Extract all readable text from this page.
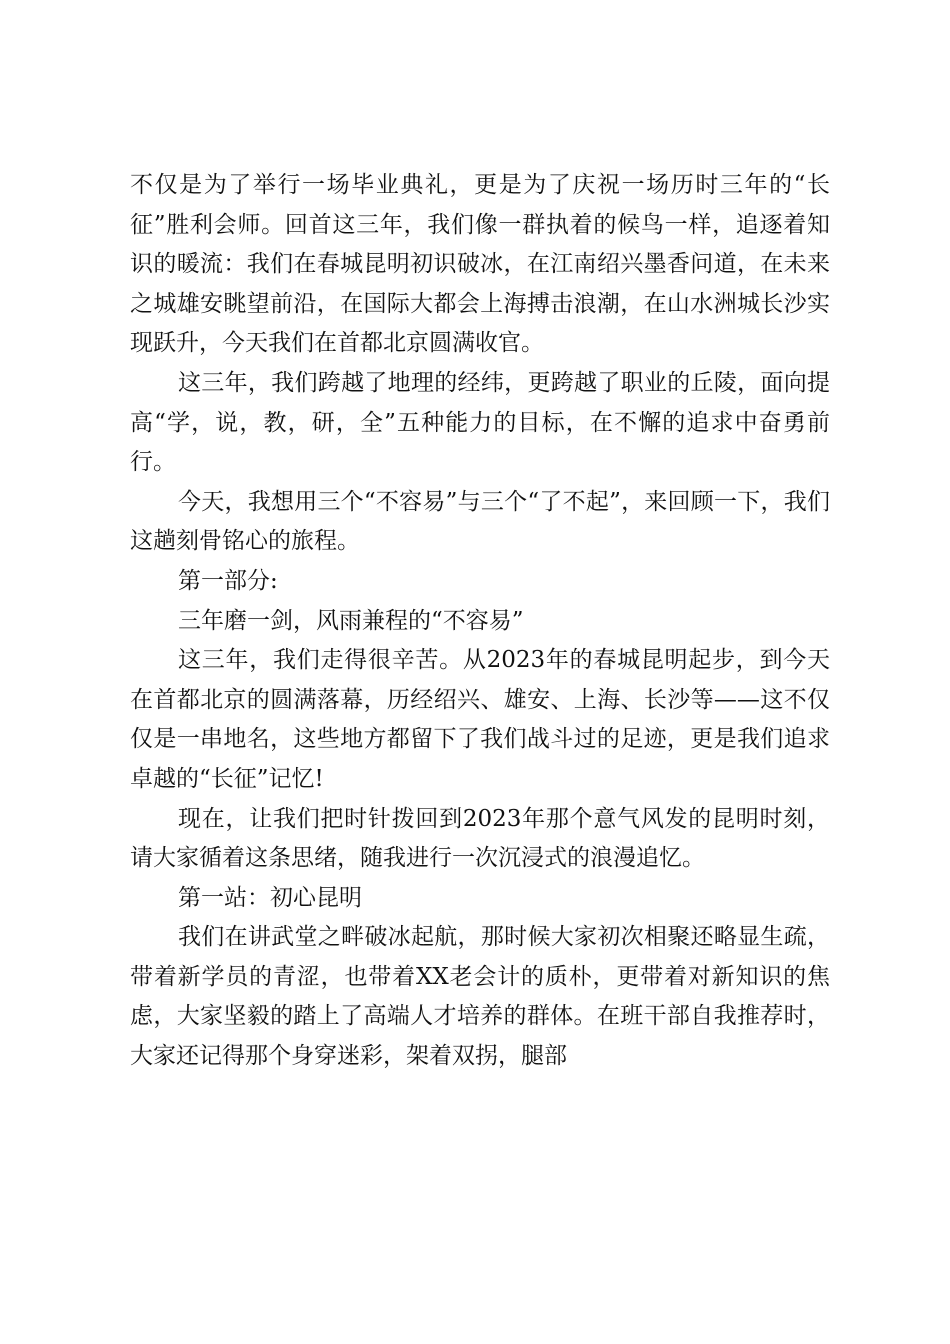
不仅是为了举行一场毕业典礼，更是为了庆祝一场历时三年的“长征”胜利会师。回首这三年，我们像一群执着的候鸟一样，追逐着知识的暖流：我们在春城昆明初识破冰，在江南绍兴墨香问道，在未来之城雄安眺望前沿，在国际大都会上海搏击浪潮，在山水洲城长沙实现跃升，今天我们在首都北京圆满收官。

这三年，我们跨越了地理的经纬，更跨越了职业的丘陵，面向提高“学，说，教，研，全”五种能力的目标，在不懈的追求中奋勇前行。

今天，我想用三个“不容易”与三个“了不起”，来回顾一下，我们这趟刻骨铭心的旅程。

第一部分:

三年磨一剑，风雨兼程的“不容易”

这三年，我们走得很辛苦。从2023年的春城昆明起步，到今天在首都北京的圆满落幕，历经绍兴、雄安、上海、长沙等——这不仅仅是一串地名，这些地方都留下了我们战斗过的足迹，更是我们追求卓越的“长征”记忆!

现在，让我们把时针拨回到2023年那个意气风发的昆明时刻，请大家循着这条思绪，随我进行一次沉浸式的浪漫追忆。

第一站：初心昆明

我们在讲武堂之畔破冰起航，那时候大家初次相聚还略显生疏，带着新学员的青涩，也带着XX老会计的质朴，更带着对新知识的焦虑，大家坚毅的踏上了高端人才培养的群体。在班干部自我推荐时，大家还记得那个身穿迷彩，架着双拐，腿部
